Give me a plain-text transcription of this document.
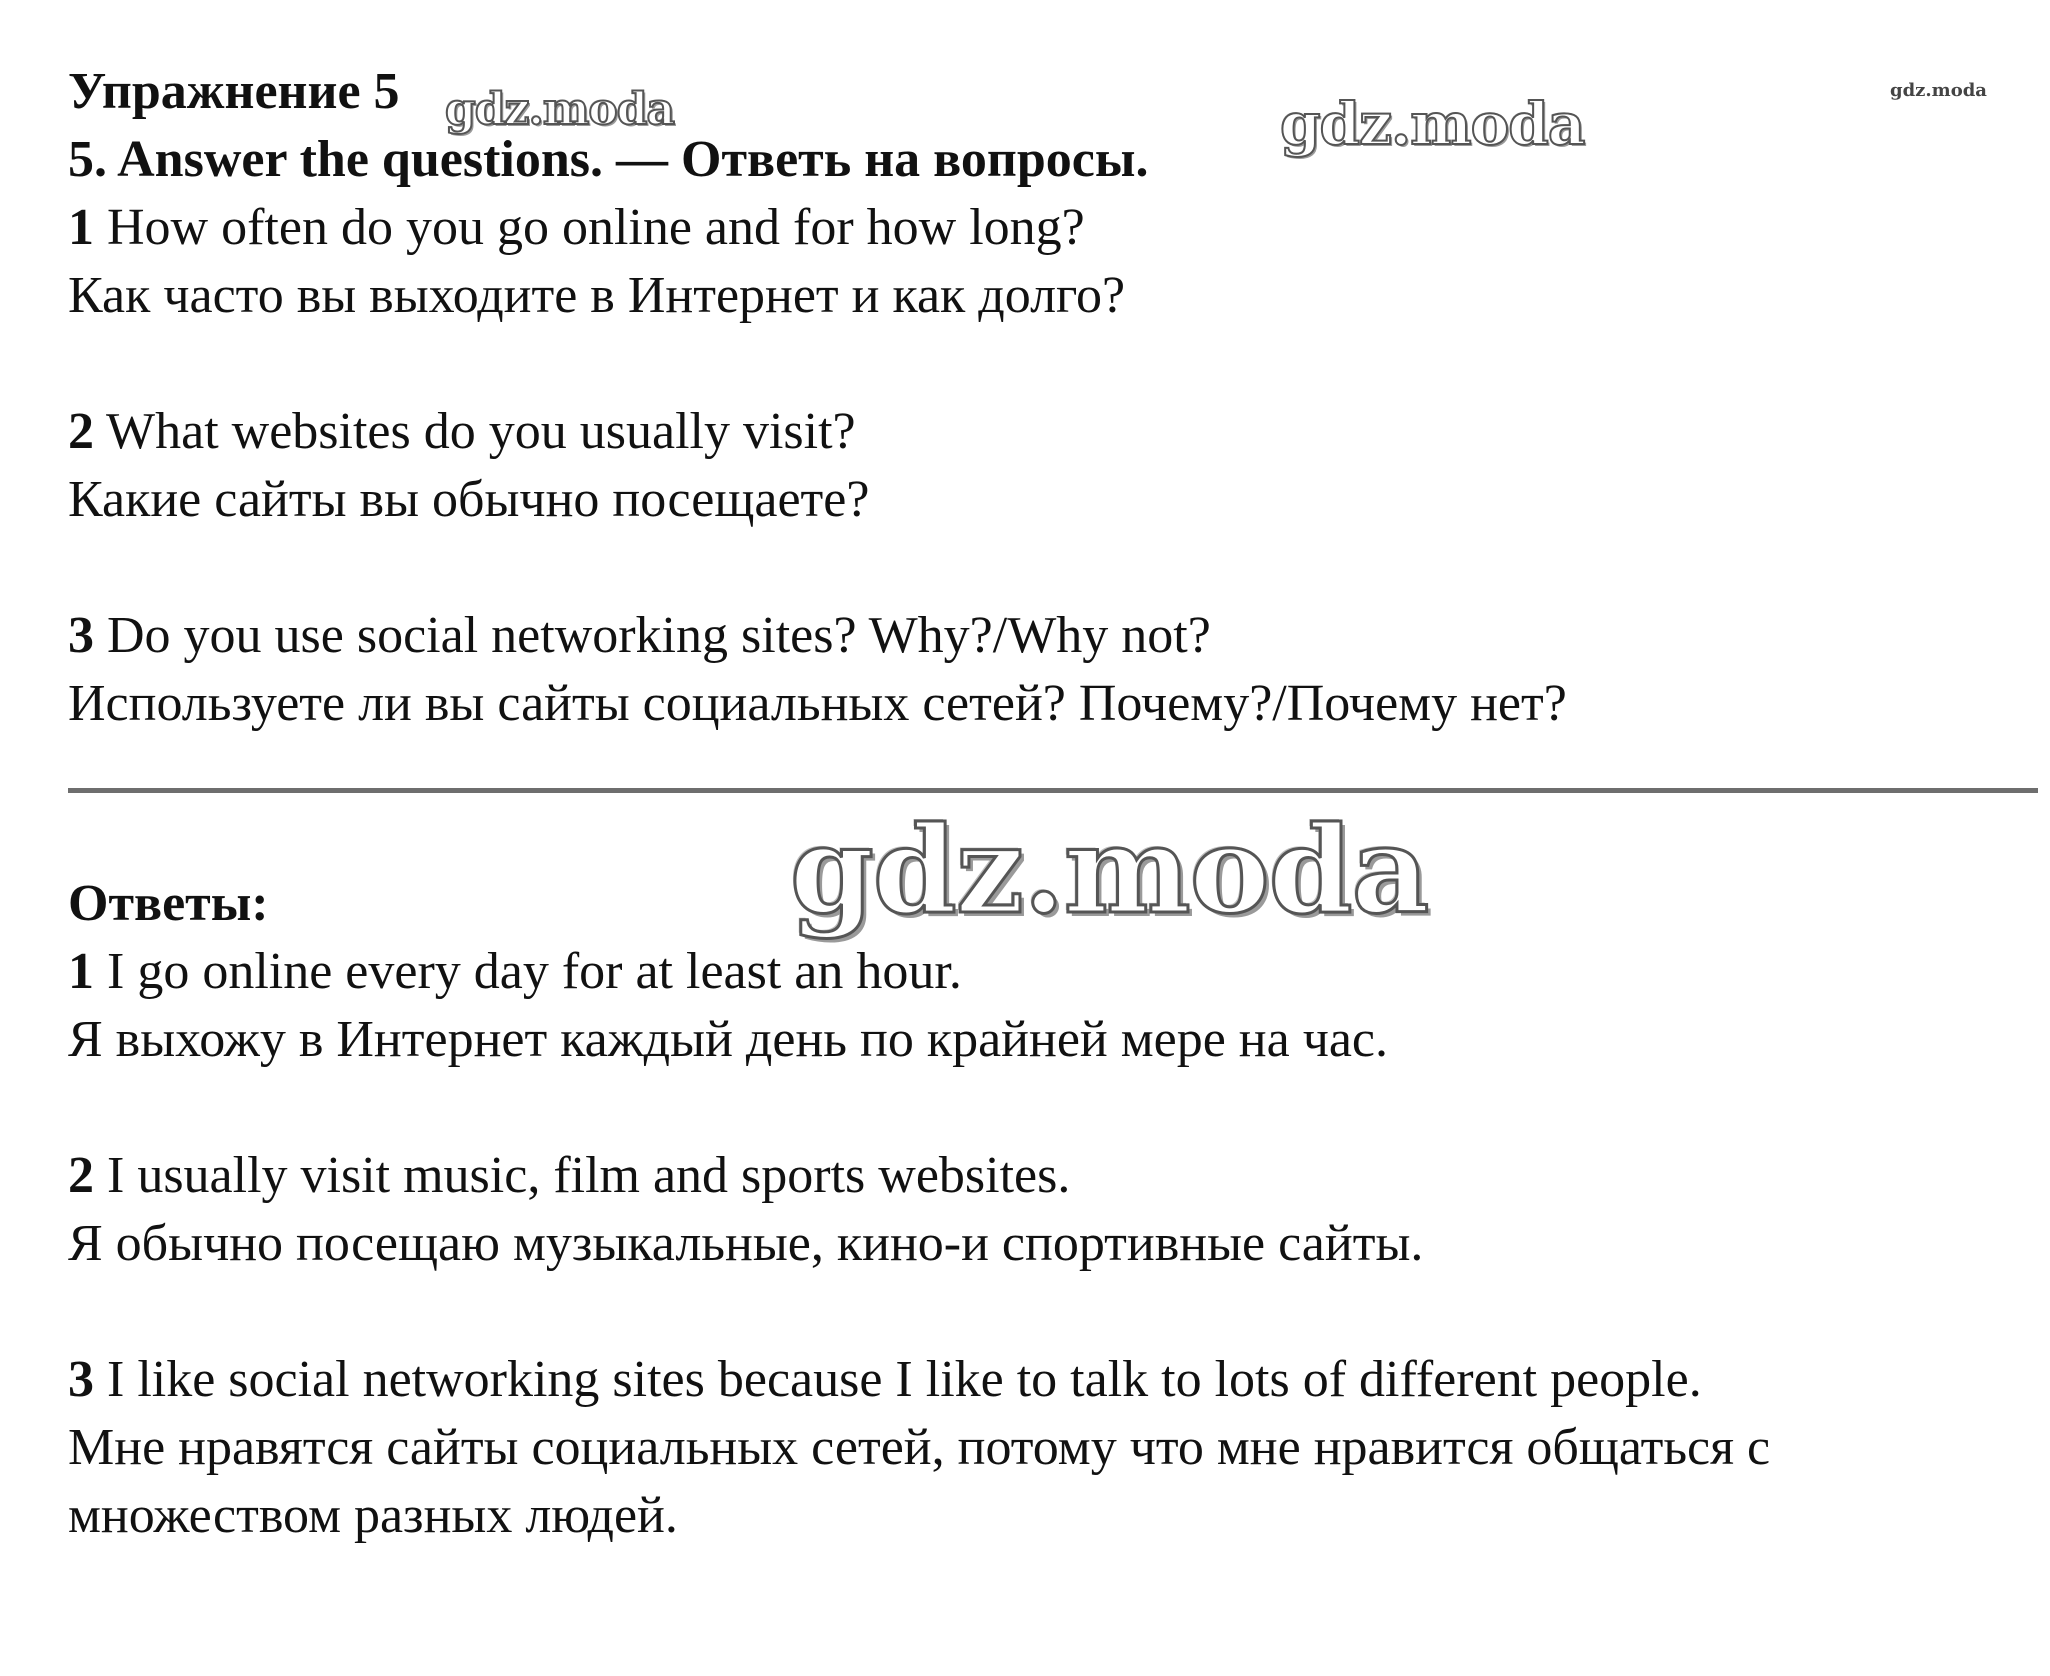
Упражнение 5
5. Answer the questions. — Ответь на вопросы.
1 How often do you go online and for how long?
Как часто вы выходите в Интернет и как долго?
2 What websites do you usually visit?
Какие сайты вы обычно посещаете?
3 Do you use social networking sites? Why?/Why not?
Используете ли вы сайты социальных сетей? Почему?/Почему нет?
Ответы:
1 I go online every day for at least an hour.
Я выхожу в Интернет каждый день по крайней мере на час.
2 I usually visit music, film and sports websites.
Я обычно посещаю музыкальные, кино-и спортивные сайты.
3 I like social networking sites because I like to talk to lots of different people.
Мне нравятся сайты социальных сетей, потому что мне нравится общаться с
множеством разных людей.
gdz.moda	gdz.moda	gdz.moda
gdz.moda
